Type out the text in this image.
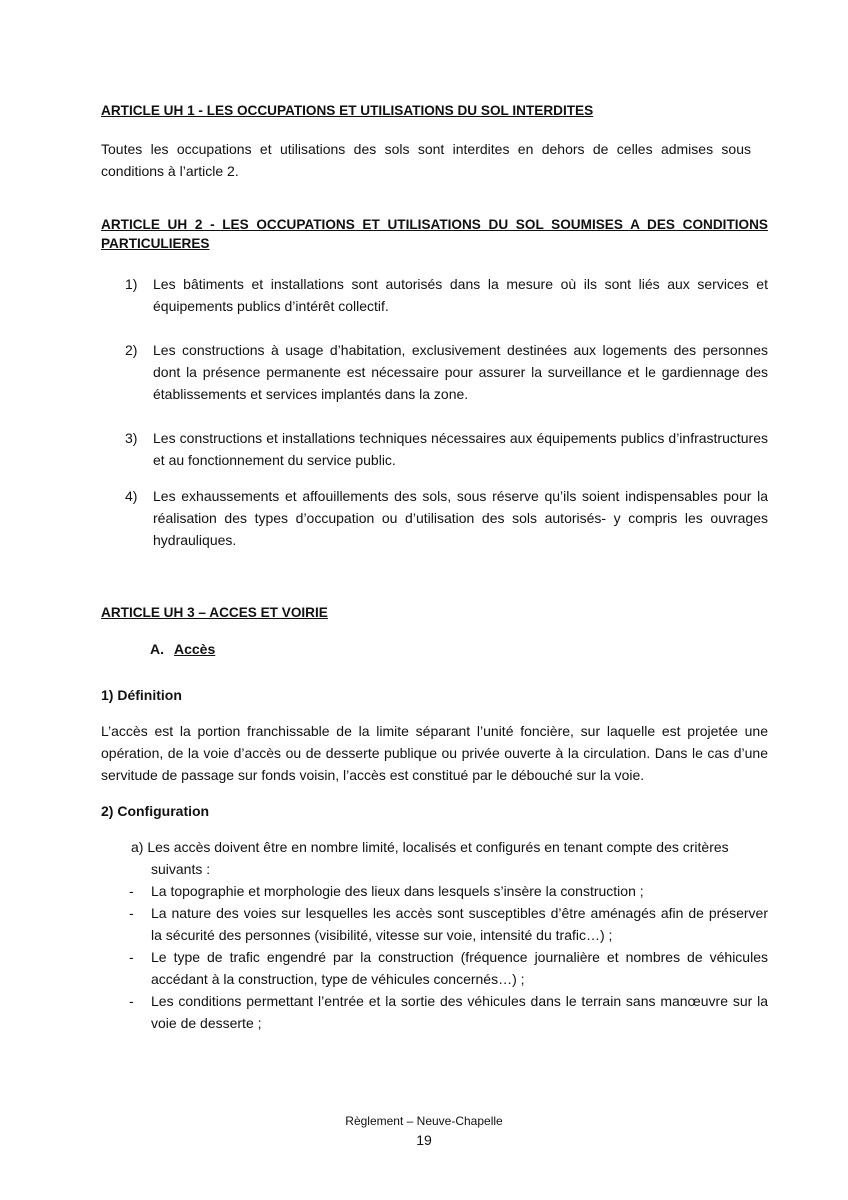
ARTICLE UH 1 - LES OCCUPATIONS ET UTILISATIONS DU SOL INTERDITES

Toutes les occupations et utilisations des sols sont interdites en dehors de celles admises sous conditions à l’article 2.

ARTICLE UH 2 - LES OCCUPATIONS ET UTILISATIONS DU SOL SOUMISES A DES CONDITIONS PARTICULIERES
1) Les bâtiments et installations sont autorisés dans la mesure où ils sont liés aux services et équipements publics d’intérêt collectif.
2) Les constructions à usage d’habitation, exclusivement destinées aux logements des personnes dont la présence permanente est nécessaire pour assurer la surveillance et le gardiennage des établissements et services implantés dans la zone.
3) Les constructions et installations techniques nécessaires aux équipements publics d’infrastructures et au fonctionnement du service public.
4) Les exhaussements et affouillements des sols, sous réserve qu’ils soient indispensables pour la réalisation des types d’occupation ou d’utilisation des sols autorisés- y compris les ouvrages hydrauliques.
ARTICLE UH 3 – ACCES ET VOIRIE
A. Accès

1) Définition

L’accès est la portion franchissable de la limite séparant l’unité foncière, sur laquelle est projetée une opération, de la voie d’accès ou de desserte publique ou privée ouverte à la circulation. Dans le cas d’une servitude de passage sur fonds voisin, l’accès est constitué par le débouché sur la voie.

2) Configuration

a) Les accès doivent être en nombre limité, localisés et configurés en tenant compte des critères suivants :

- La topographie et morphologie des lieux dans lesquels s’insère la construction ;
- La nature des voies sur lesquelles les accès sont susceptibles d’être aménagés afin de préserver la sécurité des personnes (visibilité, vitesse sur voie, intensité du trafic…) ;
- Le type de trafic engendré par la construction (fréquence journalière et nombres de véhicules accédant à la construction, type de véhicules concernés…) ;
- Les conditions permettant l’entrée et la sortie des véhicules dans le terrain sans manœuvre sur la voie de desserte ;
Règlement – Neuve-Chapelle
19
